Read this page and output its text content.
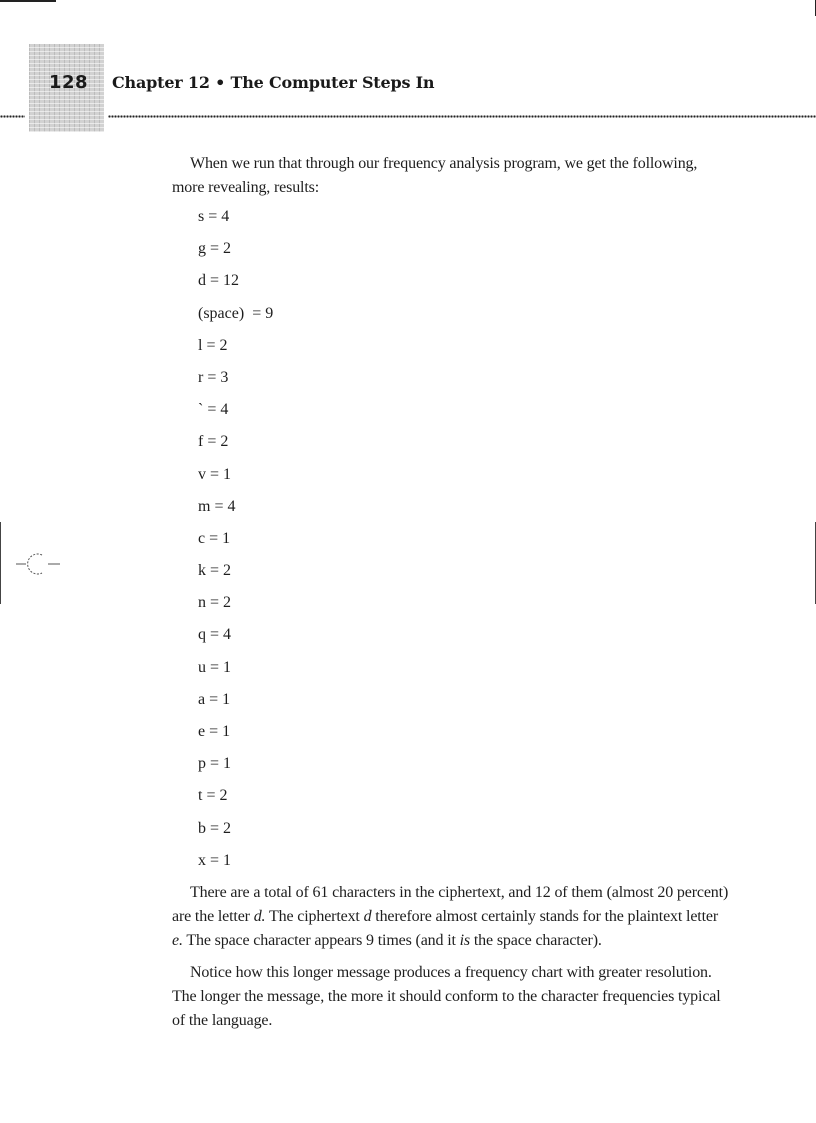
128 Chapter 12 • The Computer Steps In

When we run that through our frequency analysis program, we get the following, more revealing, results:

s = 4
g = 2
d = 12
(space)  = 9
l = 2
r = 3
` = 4
f = 2
v = 1
m = 4
c = 1
k = 2
n = 2
q = 4
u = 1
a = 1
e = 1
p = 1
t = 2
b = 2
x = 1

There are a total of 61 characters in the ciphertext, and 12 of them (almost 20 percent) are the letter d. The ciphertext d therefore almost certainly stands for the plaintext letter e. The space character appears 9 times (and it is the space character).

Notice how this longer message produces a frequency chart with greater resolution. The longer the message, the more it should conform to the character frequencies typical of the language.
